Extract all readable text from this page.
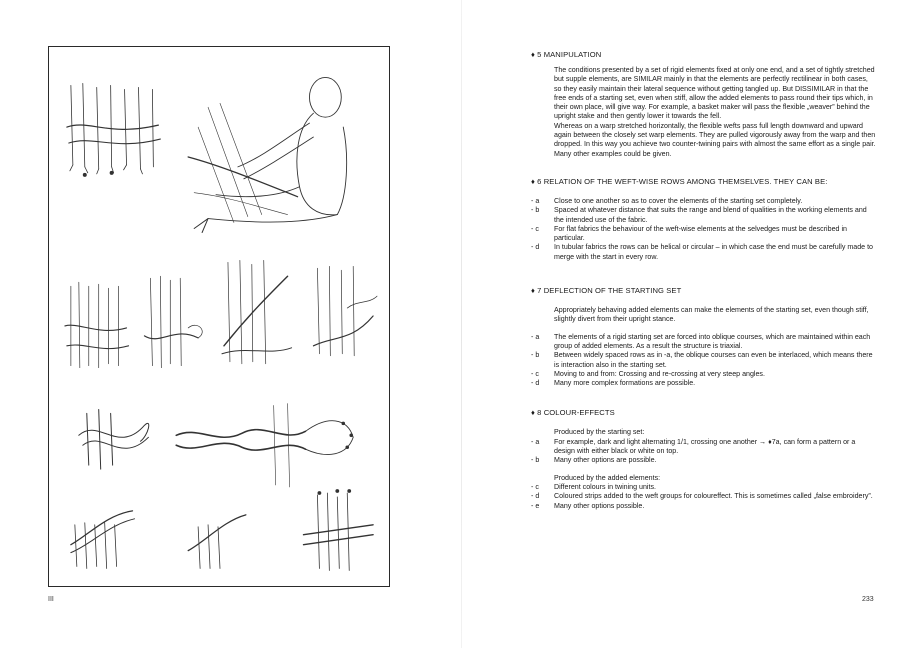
III	233

♦ 5 MANIPULATION

The conditions presented by a set of rigid elements fixed at only one end, and a set of tightly stretched but supple elements, are SIMILAR mainly in that the elements are perfectly rectilinear in both cases, so they easily maintain their lateral sequence without getting tangled up. But DISSIMILAR in that the free ends of a starting set, even when stiff, allow the added elements to pass round their tips which, in their own place, will give way. For example, a basket maker will pass the flexible „weaver” behind the upright stake and then gently lower it towards the fell.

Whereas on a warp stretched horizontally, the flexible wefts pass full length downward and upward again between the closely set warp elements. They are pulled vigorously away from the warp and then dropped. In this way you achieve two counter-twining pairs with almost the same effort as a single pair.

Many other examples could be given.

♦ 6 RELATION OF THE WEFT-WISE ROWS AMONG THEMSELVES. THEY CAN BE:

- a	Close to one another so as to cover the elements of the starting set completely.
- b	Spaced at whatever distance that suits the range and blend of qualities in the working elements and the intended use of the fabric.
- c	For flat fabrics the behaviour of the weft-wise elements at the selvedges must be described in particular.
- d	In tubular fabrics the rows can be helical or circular – in which case the end must be carefully made to merge with the start in every row.

♦ 7 DEFLECTION OF THE STARTING SET

Appropriately behaving added elements can make the elements of the starting set, even though stiff, slightly divert from their upright stance.

- a	The elements of a rigid starting set are forced into oblique courses, which are maintained within each group of added elements. As a result the structure is triaxial.
- b	Between widely spaced rows as in -a, the oblique courses can even be interlaced, which means there is interaction also in the starting set.
- c	Moving to and from: Crossing and re-crossing at very steep angles.
- d	Many more complex formations are possible.

♦ 8 COLOUR-EFFECTS

Produced by the starting set:

- a	For example, dark and light alternating 1/1, crossing one another → ♦7a, can form a pattern or a design with either black or white on top.
- b	Many other options are possible.

Produced by the added elements:

- c	Different colours in twining units.
- d	Coloured strips added to the weft groups for coloureffect. This is sometimes called „false embroidery”.
- e	Many other options possible.
